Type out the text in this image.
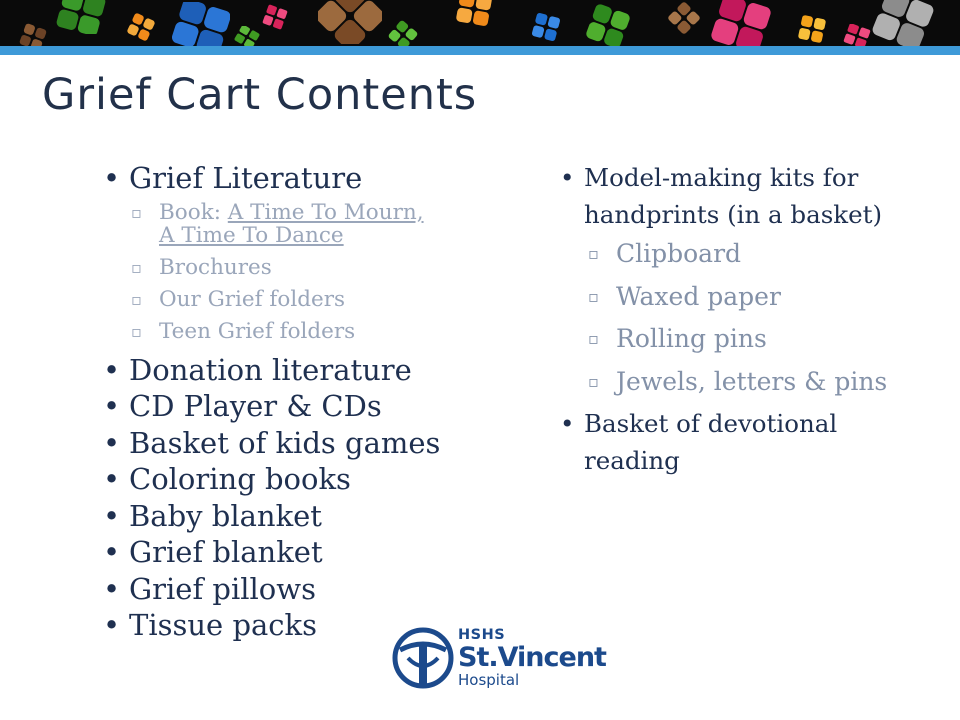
Grief Cart Contents
• Grief Literature
▫ Book: A Time To Mourn,
A Time To Dance
▫ Brochures
▫ Our Grief folders
▫ Teen Grief folders
• Donation literature
• CD Player & CDs
• Basket of kids games
• Coloring books
• Baby blanket
• Grief blanket
• Grief pillows
• Tissue packs
• Model-making kits for handprints (in a basket)
▫ Clipboard
▫ Waxed paper
▫ Rolling pins
▫ Jewels, letters & pins
• Basket of devotional reading
HSHS
St.Vincent
Hospital
